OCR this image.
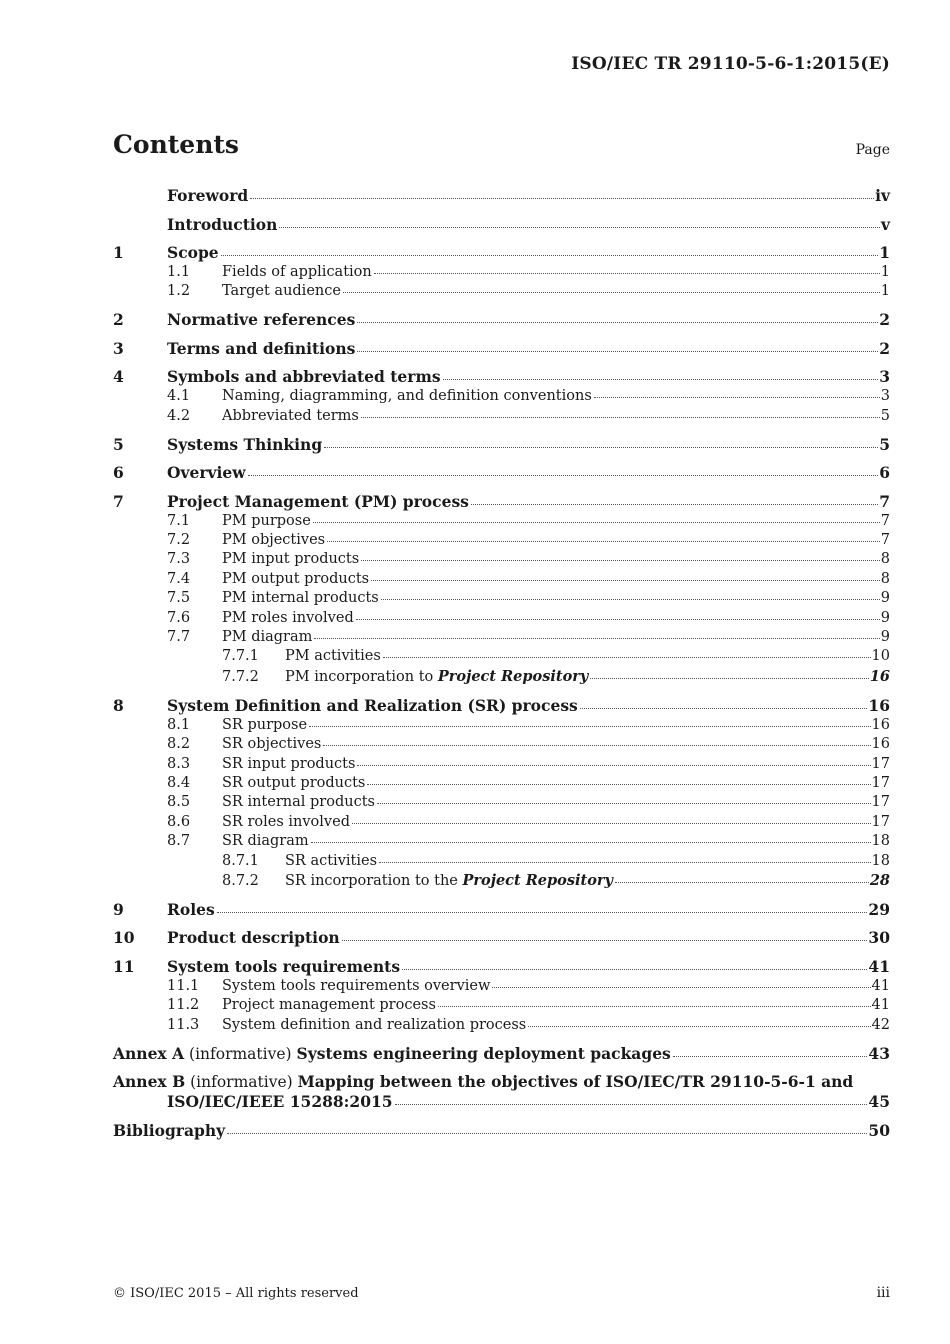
ISO/IEC TR 29110-5-6-1:2015(E)
Contents	Page
Foreword	iv
Introduction	v
1	Scope	1
1.1	Fields of application	1
1.2	Target audience	1
2	Normative references	2
3	Terms and definitions	2
4	Symbols and abbreviated terms	3
4.1	Naming, diagramming, and definition conventions	3
4.2	Abbreviated terms	5
5	Systems Thinking	5
6	Overview	6
7	Project Management (PM) process	7
7.1	PM purpose	7
7.2	PM objectives	7
7.3	PM input products	8
7.4	PM output products	8
7.5	PM internal products	9
7.6	PM roles involved	9
7.7	PM diagram	9
7.7.1	PM activities	10
7.7.2	PM incorporation to Project Repository	16
8	System Definition and Realization (SR) process	16
8.1	SR purpose	16
8.2	SR objectives	16
8.3	SR input products	17
8.4	SR output products	17
8.5	SR internal products	17
8.6	SR roles involved	17
8.7	SR diagram	18
8.7.1	SR activities	18
8.7.2	SR incorporation to the Project Repository	28
9	Roles	29
10	Product description	30
11	System tools requirements	41
11.1	System tools requirements overview	41
11.2	Project management process	41
11.3	System definition and realization process	42
Annex A (informative) Systems engineering deployment packages	43
Annex B (informative) Mapping between the objectives of ISO/IEC/TR 29110-5-6-1 and
ISO/IEC/IEEE 15288:2015	45
Bibliography	50
© ISO/IEC 2015 – All rights reserved	iii
